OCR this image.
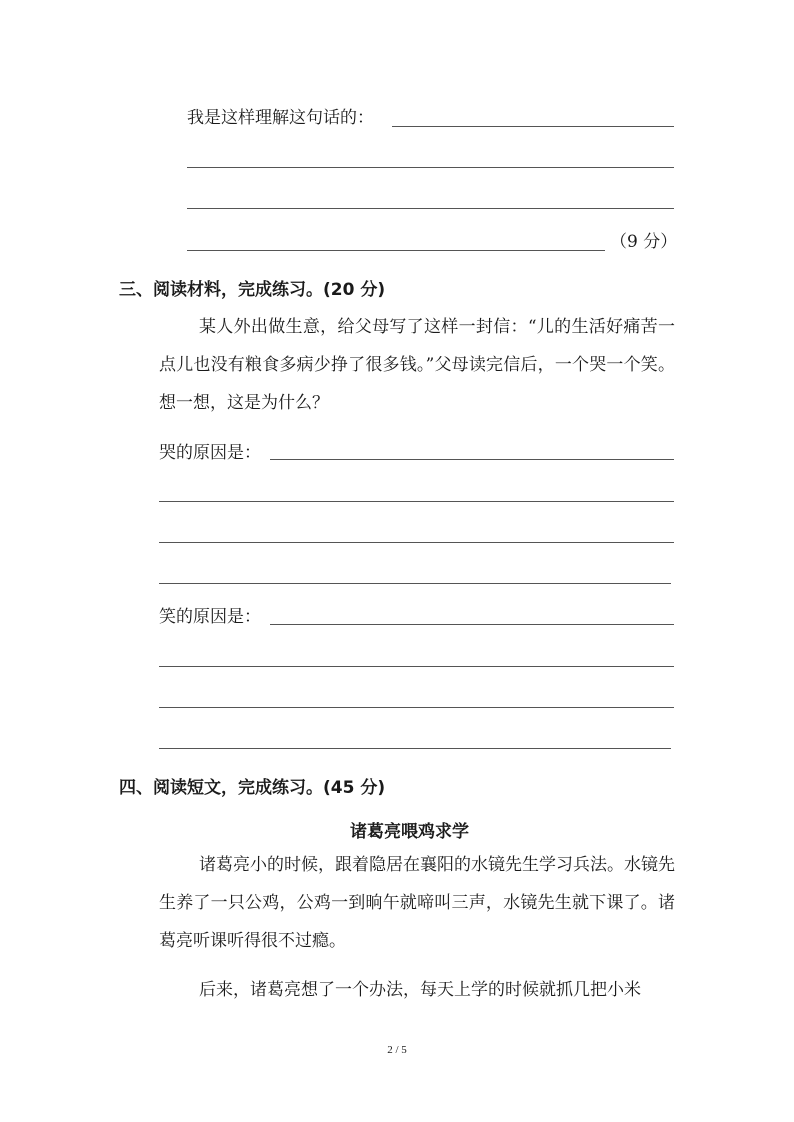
我是这样理解这句话的：
（9 分）
三、阅读材料，完成练习。(20 分)
某人外出做生意，给父母写了这样一封信：“儿的生活好痛苦一点儿也没有粮食多病少挣了很多钱。”父母读完信后，一个哭一个笑。想一想，这是为什么？
哭的原因是：
笑的原因是：
四、阅读短文，完成练习。(45 分)
诸葛亮喂鸡求学
诸葛亮小的时候，跟着隐居在襄阳的水镜先生学习兵法。水镜先生养了一只公鸡，公鸡一到晌午就啼叫三声，水镜先生就下课了。诸葛亮听课听得很不过瘾。
后来，诸葛亮想了一个办法，每天上学的时候就抓几把小米
2 / 5
